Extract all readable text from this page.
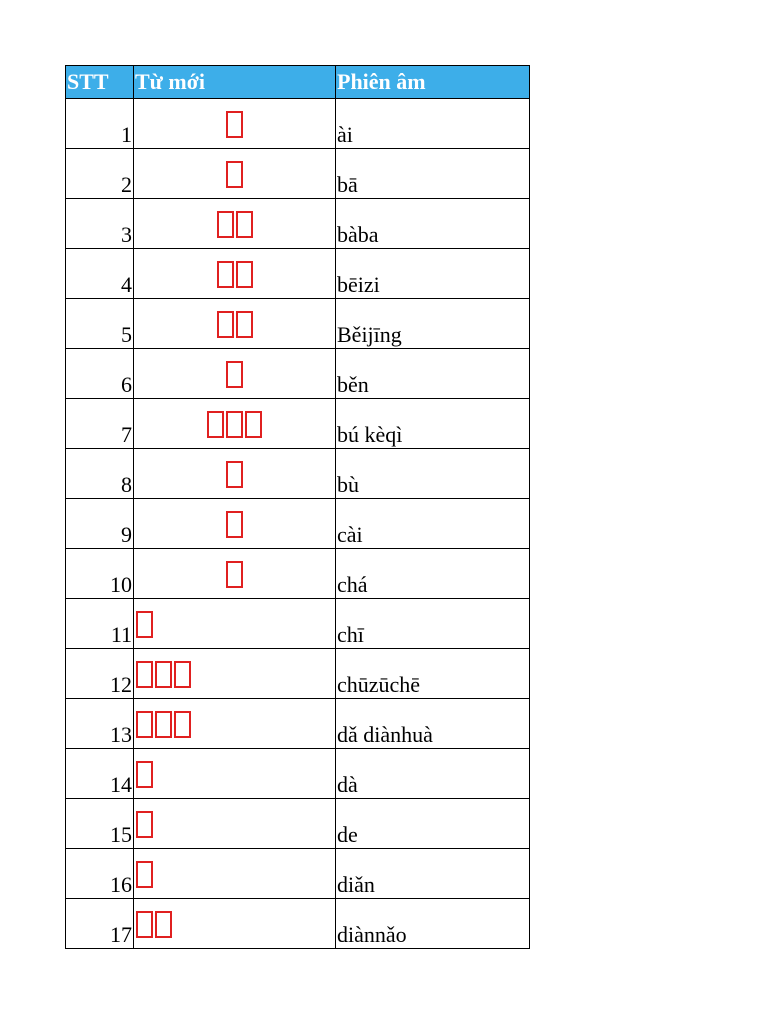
STT	Từ mới	Phiên âm
1		ài
2		bā
3		bàba
4		bēizi
5		Běijīng
6		běn
7		bú kèqì
8		bù
9		cài
10		chá
11		chī
12		chūzūchē
13		dǎ diànhuà
14		dà
15		de
16		diǎn
17		diànnǎo
